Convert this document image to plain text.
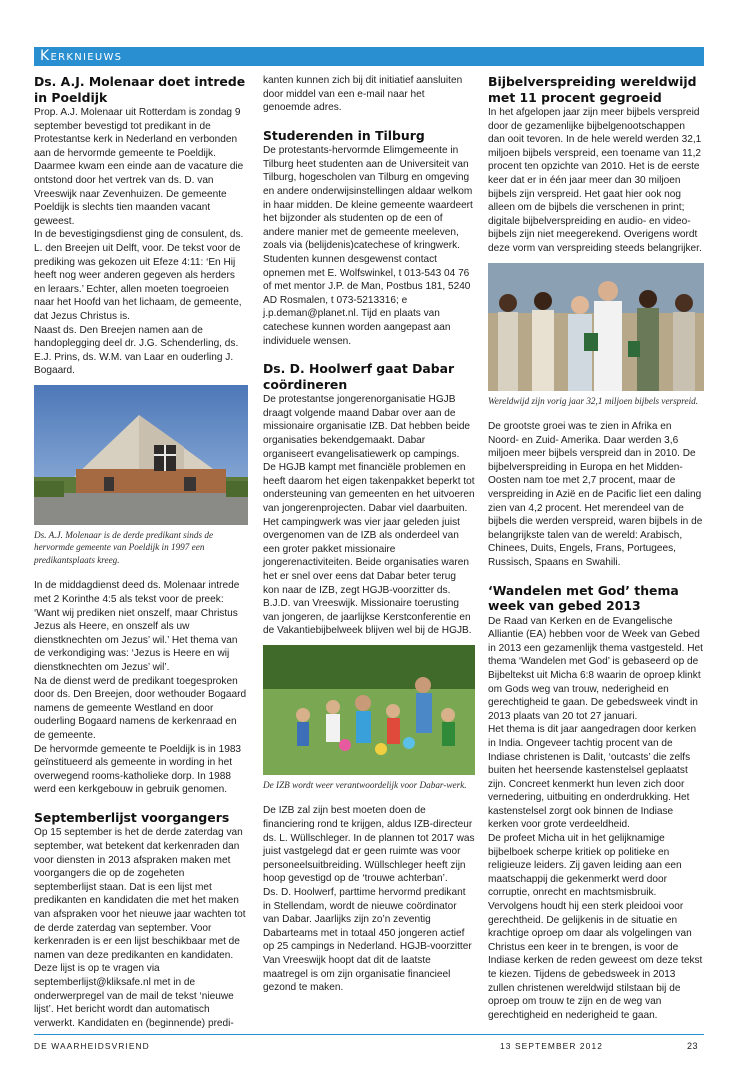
Kerknieuws
Ds. A.J. Molenaar doet intrede in Poeldijk

Prop. A.J. Molenaar uit Rotterdam is zondag 9 september bevestigd tot predikant in de Protestantse kerk in Nederland en verbonden aan de hervormde gemeente te Poeldijk. Daarmee kwam een einde aan de vacature die ontstond door het vertrek van ds. D. van Vreeswijk naar Zevenhuizen. De gemeente Poeldijk is slechts tien maanden vacant geweest.

In de bevestigingsdienst ging de consulent, ds. L. den Breejen uit Delft, voor. De tekst voor de prediking was gekozen uit Efeze 4:11: ‘En Hij heeft nog weer anderen gegeven als herders en leraars.’ Echter, allen moeten toegroeien naar het Hoofd van het lichaam, de gemeente, dat Jezus Christus is.

Naast ds. Den Breejen namen aan de handoplegging deel dr. J.G. Schenderling, ds. E.J. Prins, ds. W.M. van Laar en ouderling J. Bogaard.

Ds. A.J. Molenaar is de derde predikant sinds de hervormde gemeente van Poeldijk in 1997 een predikantsplaats kreeg.

In de middagdienst deed ds. Molenaar intrede met 2 Korinthe 4:5 als tekst voor de preek: ‘Want wij prediken niet onszelf, maar Christus Jezus als Heere, en onszelf als uw dienstknechten om Jezus’ wil.’ Het thema van de verkondiging was: ‘Jezus is Heere en wij dienstknechten om Jezus’ wil’.

Na de dienst werd de predikant toegesproken door ds. Den Breejen, door wethouder Bogaard namens de gemeente Westland en door ouderling Bogaard namens de kerkenraad en de gemeente.

De hervormde gemeente te Poeldijk is in 1983 geïnstitueerd als gemeente in wording in het overwegend rooms-katholieke dorp. In 1988 werd een kerkgebouw in gebruik genomen.

Septemberlijst voorgangers

Op 15 september is het de derde zaterdag van september, wat betekent dat kerkenraden dan voor diensten in 2013 afspraken maken met voorgangers die op de zogeheten septemberlijst staan. Dat is een lijst met predikanten en kandidaten die met het maken van afspraken voor het nieuwe jaar wachten tot de derde zaterdag van september. Voor kerkenraden is er een lijst beschikbaar met de namen van deze predikanten en kandidaten. Deze lijst is op te vragen via septemberlijst@kliksafe.nl met in de onderwerpregel van de mail de tekst ‘nieuwe lijst’. Het bericht wordt dan automatisch verwerkt. Kandidaten en (beginnende) predi-

kanten kunnen zich bij dit initiatief aansluiten door middel van een e-mail naar het genoemde adres.

Studerenden in Tilburg

De protestants-hervormde Elimgemeente in Tilburg heet studenten aan de Universiteit van Tilburg, hogescholen van Tilburg en omgeving en andere onderwijsinstellingen aldaar welkom in haar midden. De kleine gemeente waardeert het bijzonder als studenten op de een of andere manier met de gemeente meeleven, zoals via (belijdenis)catechese of kringwerk. Studenten kunnen desgewenst contact opnemen met E. Wolfswinkel, t 013-543 04 76 of met mentor J.P. de Man, Postbus 181, 5240 AD Rosmalen, t 073-5213316; e j.p.deman@planet.nl. Tijd en plaats van catechese kunnen worden aangepast aan individuele wensen.

Ds. D. Hoolwerf gaat Dabar coördineren

De protestantse jongerenorganisatie HGJB draagt volgende maand Dabar over aan de missionaire organisatie IZB. Dat hebben beide organisaties bekendgemaakt. Dabar organiseert evangelisatiewerk op campings.

De HGJB kampt met financiële problemen en heeft daarom het eigen takenpakket beperkt tot ondersteuning van gemeenten en het uitvoeren van jongerenprojecten. Dabar viel daarbuiten.

Het campingwerk was vier jaar geleden juist overgenomen van de IZB als onderdeel van een groter pakket missionaire jongerenactiviteiten. Beide organisaties waren het er snel over eens dat Dabar beter terug kon naar de IZB, zegt HGJB-voorzitter ds. B.J.D. van Vreeswijk. Missionaire toerusting van jongeren, de jaarlijkse Kerstconferentie en de Vakantiebijbelweek blijven wel bij de HGJB.

De IZB wordt weer verantwoordelijk voor Dabar-werk.

De IZB zal zijn best moeten doen de financiering rond te krijgen, aldus IZB-directeur ds. L. Wüllschleger. In de plannen tot 2017 was juist vastgelegd dat er geen ruimte was voor personeelsuitbreiding. Wüllschleger heeft zijn hoop gevestigd op de ‘trouwe achterban’.

Ds. D. Hoolwerf, parttime hervormd predikant in Stellendam, wordt de nieuwe coördinator van Dabar. Jaarlijks zijn zo’n zeventig Dabarteams met in totaal 450 jongeren actief op 25 campings in Nederland. HGJB-voorzitter Van Vreeswijk hoopt dat dit de laatste maatregel is om zijn organisatie financieel gezond te maken.

Bijbelverspreiding wereldwijd met 11 procent gegroeid

In het afgelopen jaar zijn meer bijbels verspreid door de gezamenlijke bijbelgenootschappen dan ooit tevoren. In de hele wereld werden 32,1 miljoen bijbels verspreid, een toename van 11,2 procent ten opzichte van 2010. Het is de eerste keer dat er in één jaar meer dan 30 miljoen bijbels zijn verspreid. Het gaat hier ook nog alleen om de bijbels die verschenen in print; digitale bijbelverspreiding en audio- en video-bijbels zijn niet meegerekend. Overigens wordt deze vorm van verspreiding steeds belangrijker.

Wereldwijd zijn vorig jaar 32,1 miljoen bijbels verspreid.

De grootste groei was te zien in Afrika en Noord- en Zuid- Amerika. Daar werden 3,6 miljoen meer bijbels verspreid dan in 2010. De bijbelverspreiding in Europa en het Midden-Oosten nam toe met 2,7 procent, maar de verspreiding in Azië en de Pacific liet een daling zien van 4,2 procent. Het merendeel van de bijbels die werden verspreid, waren bijbels in de belangrijkste talen van de wereld: Arabisch, Chinees, Duits, Engels, Frans, Portugees, Russisch, Spaans en Swahili.

‘Wandelen met God’ thema week van gebed 2013

De Raad van Kerken en de Evangelische Alliantie (EA) hebben voor de Week van Gebed in 2013 een gezamenlijk thema vastgesteld. Het thema ‘Wandelen met God’ is gebaseerd op de Bijbeltekst uit Micha 6:8 waarin de oproep klinkt om Gods weg van trouw, nederigheid en gerechtigheid te gaan. De gebedsweek vindt in 2013 plaats van 20 tot 27 januari.

Het thema is dit jaar aangedragen door kerken in India. Ongeveer tachtig procent van de Indiase christenen is Dalit, ‘outcasts’ die zelfs buiten het heersende kastenstelsel geplaatst zijn. Concreet kenmerkt hun leven zich door vernedering, uitbuiting en onderdrukking. Het kastenstelsel zorgt ook binnen de Indiase kerken voor grote verdeeldheid.

De profeet Micha uit in het gelijknamige bijbelboek scherpe kritiek op politieke en religieuze leiders. Zij gaven leiding aan een maatschappij die gekenmerkt werd door corruptie, onrecht en machtsmisbruik. Vervolgens houdt hij een sterk pleidooi voor gerechtheid. De gelijkenis in de situatie en krachtige oproep om daar als volgelingen van Christus een keer in te brengen, is voor de Indiase kerken de reden geweest om deze tekst te kiezen. Tijdens de gebedsweek in 2013 zullen christenen wereldwijd stilstaan bij de oproep om trouw te zijn en de weg van gerechtigheid en nederigheid te gaan.

DE WAARHEIDSVRIEND	13 SEPTEMBER 2012	23
